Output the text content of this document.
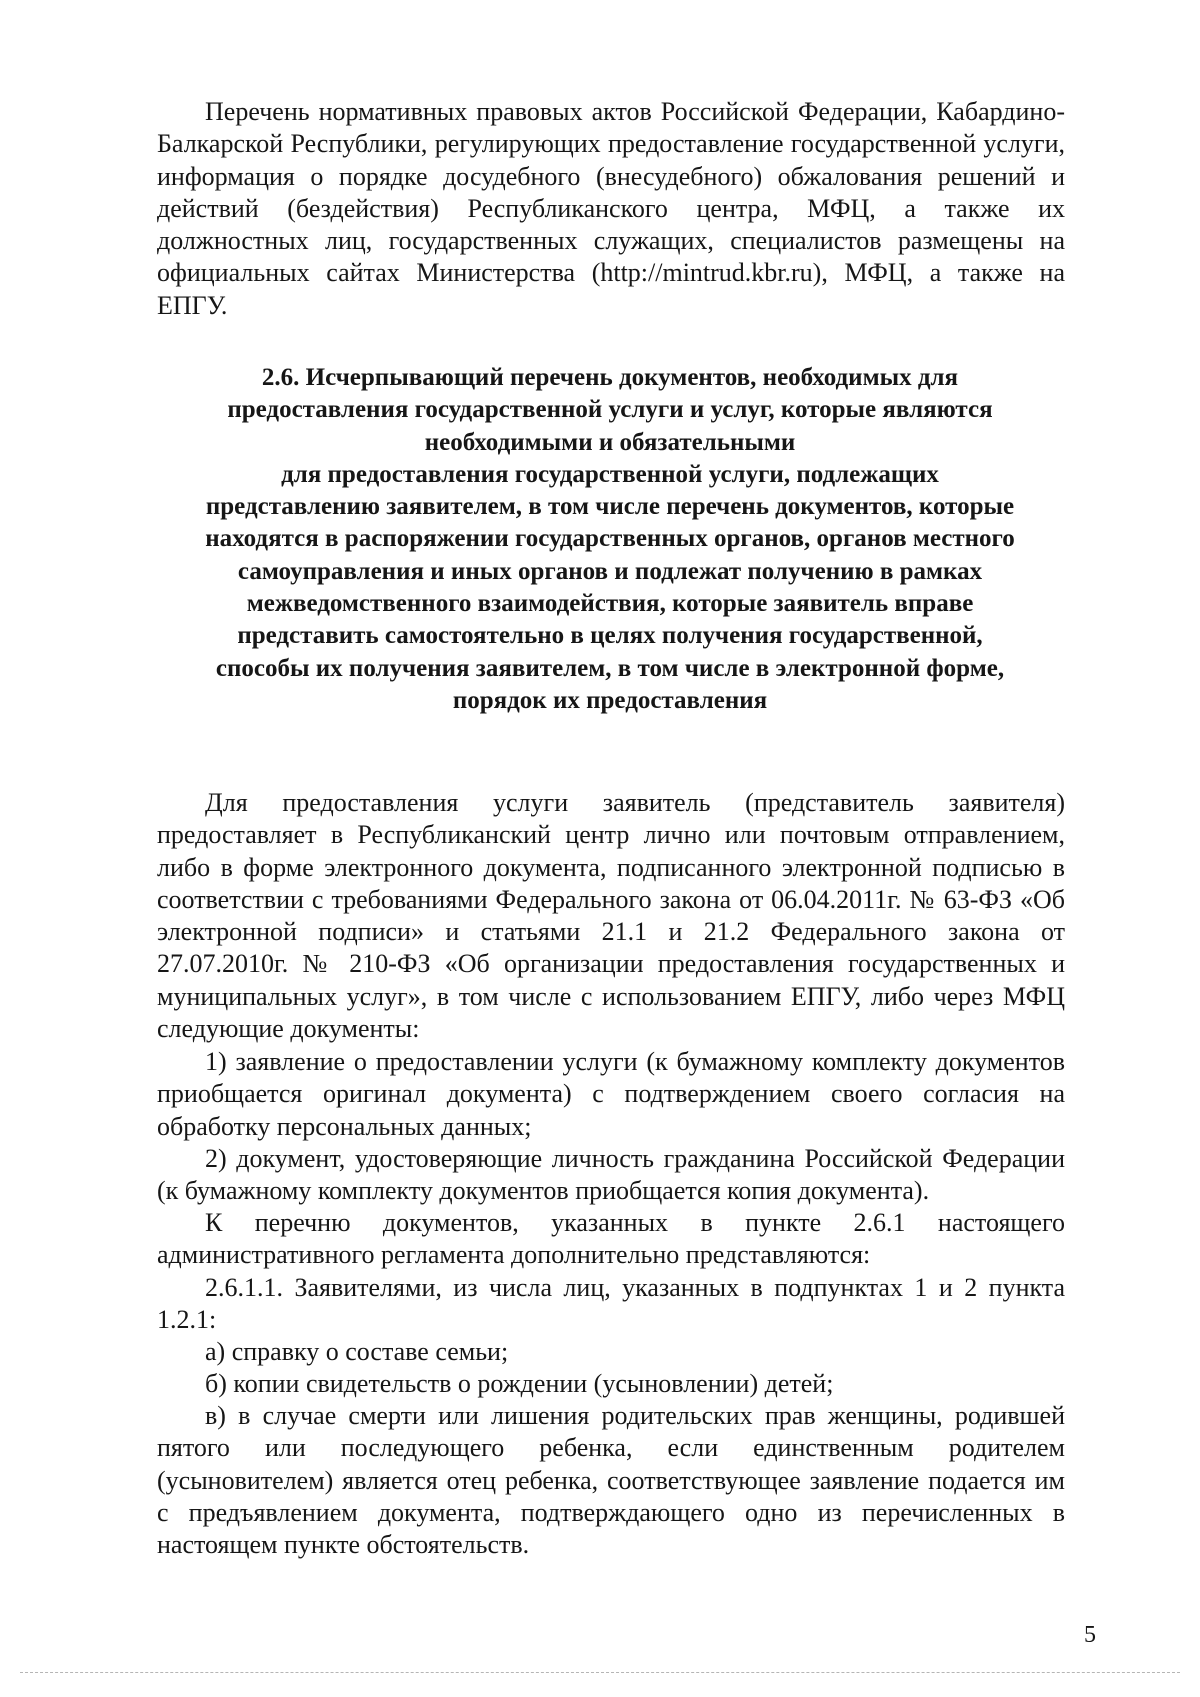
Перечень нормативных правовых актов Российской Федерации, Кабардино-Балкарской Республики, регулирующих предоставление государственной услуги, информация о порядке досудебного (внесудебного) обжалования решений и действий (бездействия) Республиканского центра, МФЦ, а также их должностных лиц, государственных служащих, специалистов размещены на официальных сайтах Министерства (http://mintrud.kbr.ru), МФЦ, а также на ЕПГУ.

2.6. Исчерпывающий перечень документов, необходимых для
предоставления государственной услуги и услуг, которые являются
необходимыми и обязательными
для предоставления государственной услуги, подлежащих
представлению заявителем, в том числе перечень документов, которые
находятся в распоряжении государственных органов, органов местного
самоуправления и иных органов и подлежат получению в рамках
межведомственного взаимодействия, которые заявитель вправе
представить самостоятельно в целях получения государственной,
способы их получения заявителем, в том числе в электронной форме,
порядок их предоставления

Для предоставления услуги заявитель (представитель заявителя) предоставляет в Республиканский центр лично или почтовым отправлением, либо в форме электронного документа, подписанного электронной подписью в соответствии с требованиями Федерального закона от 06.04.2011г. № 63-ФЗ «Об электронной подписи» и статьями 21.1 и 21.2 Федерального закона от 27.07.2010г. № 210-ФЗ «Об организации предоставления государственных и муниципальных услуг», в том числе с использованием ЕПГУ, либо через МФЦ следующие документы:

1) заявление о предоставлении услуги (к бумажному комплекту документов приобщается оригинал документа) с подтверждением своего согласия на обработку персональных данных;

2) документ, удостоверяющие личность гражданина Российской Федерации (к бумажному комплекту документов приобщается копия документа).

К перечню документов, указанных в пункте 2.6.1 настоящего административного регламента дополнительно представляются:

2.6.1.1. Заявителями, из числа лиц, указанных в подпунктах 1 и 2 пункта 1.2.1:

а) справку о составе семьи;

б) копии свидетельств о рождении (усыновлении) детей;

в) в случае смерти или лишения родительских прав женщины, родившей пятого или последующего ребенка, если единственным родителем (усыновителем) является отец ребенка, соответствующее заявление подается им с предъявлением документа, подтверждающего одно из перечисленных в настоящем пункте обстоятельств.

5
